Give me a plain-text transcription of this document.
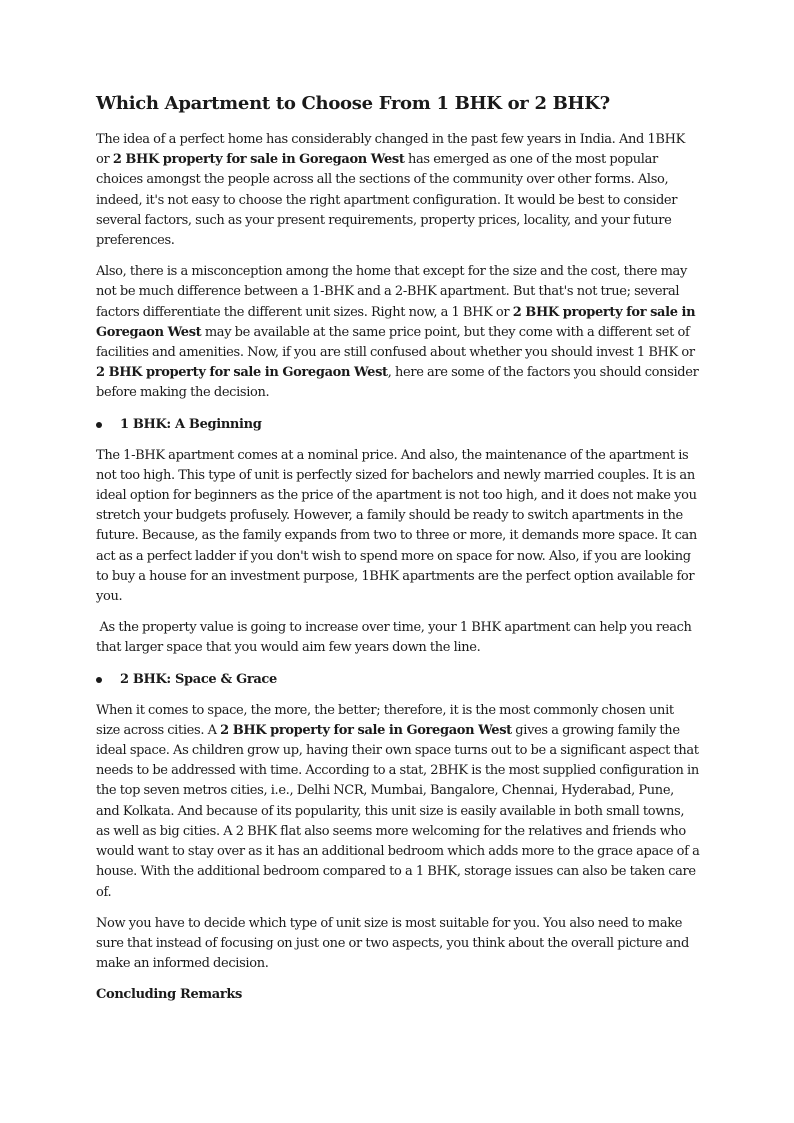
Which Apartment to Choose From 1 BHK or 2 BHK?

The idea of a perfect home has considerably changed in the past few years in India. And 1BHK or 2 BHK property for sale in Goregaon West has emerged as one of the most popular choices amongst the people across all the sections of the community over other forms. Also, indeed, it's not easy to choose the right apartment configuration. It would be best to consider several factors, such as your present requirements, property prices, locality, and your future preferences.

Also, there is a misconception among the home that except for the size and the cost, there may not be much difference between a 1-BHK and a 2-BHK apartment. But that's not true; several factors differentiate the different unit sizes. Right now, a 1 BHK or 2 BHK property for sale in Goregaon West may be available at the same price point, but they come with a different set of facilities and amenities. Now, if you are still confused about whether you should invest 1 BHK or 2 BHK property for sale in Goregaon West, here are some of the factors you should consider before making the decision.

1 BHK: A Beginning

The 1-BHK apartment comes at a nominal price. And also, the maintenance of the apartment is not too high. This type of unit is perfectly sized for bachelors and newly married couples. It is an ideal option for beginners as the price of the apartment is not too high, and it does not make you stretch your budgets profusely. However, a family should be ready to switch apartments in the future. Because, as the family expands from two to three or more, it demands more space. It can act as a perfect ladder if you don't wish to spend more on space for now. Also, if you are looking to buy a house for an investment purpose, 1BHK apartments are the perfect option available for you.

As the property value is going to increase over time, your 1 BHK apartment can help you reach that larger space that you would aim few years down the line.

2 BHK: Space & Grace

When it comes to space, the more, the better; therefore, it is the most commonly chosen unit size across cities. A 2 BHK property for sale in Goregaon West gives a growing family the ideal space. As children grow up, having their own space turns out to be a significant aspect that needs to be addressed with time. According to a stat, 2BHK is the most supplied configuration in the top seven metros cities, i.e., Delhi NCR, Mumbai, Bangalore, Chennai, Hyderabad, Pune, and Kolkata. And because of its popularity, this unit size is easily available in both small towns, as well as big cities. A 2 BHK flat also seems more welcoming for the relatives and friends who would want to stay over as it has an additional bedroom which adds more to the grace apace of a house. With the additional bedroom compared to a 1 BHK, storage issues can also be taken care of.

Now you have to decide which type of unit size is most suitable for you. You also need to make sure that instead of focusing on just one or two aspects, you think about the overall picture and make an informed decision.

Concluding Remarks
